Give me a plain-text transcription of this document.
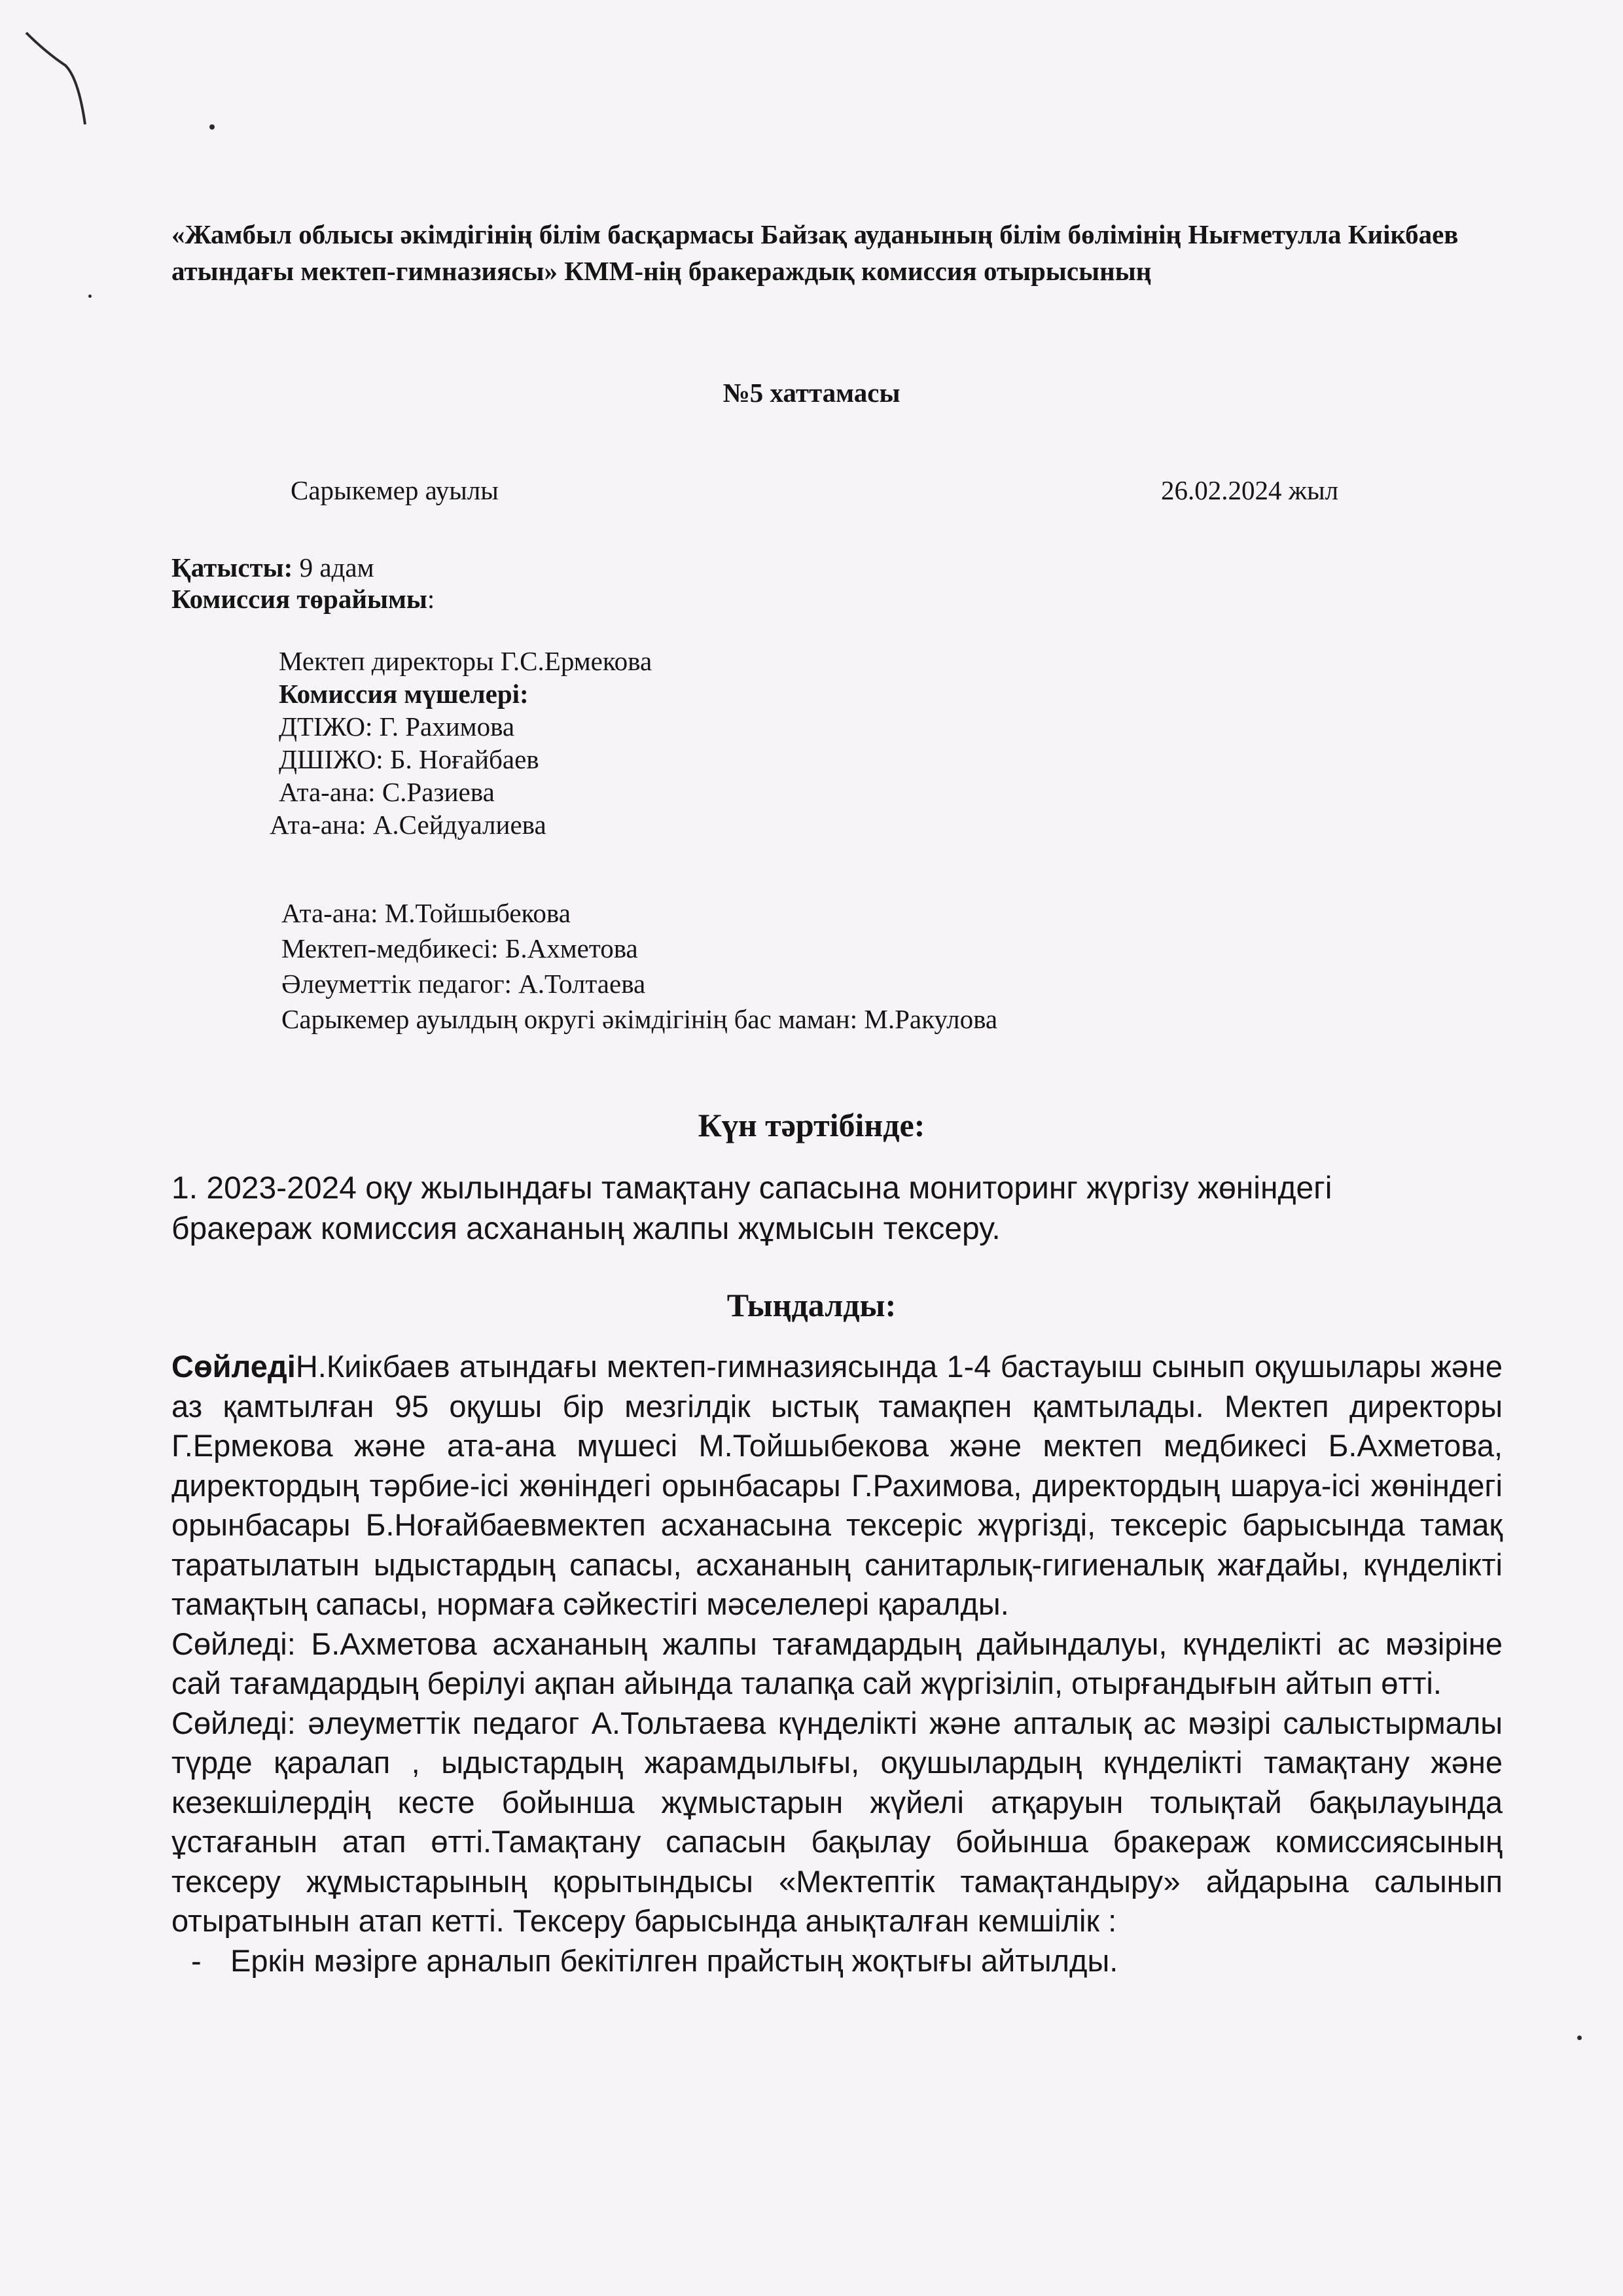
«Жамбыл облысы әкімдігінің білім басқармасы Байзақ ауданының білім бөлімінің Нығметулла Киікбаев атындағы мектеп-гимназиясы» КММ-нің бракераждық комиссия отырысының
№5 хаттамасы
Сарыкемер ауылы	26.02.2024 жыл
Қатысты: 9 адам
Комиссия төрайымы:
Мектеп директоры Г.С.Ермекова
Комиссия мүшелері:
ДТІЖО: Г. Рахимова
ДШІЖО: Б. Ноғайбаев
Ата-ана: С.Разиева
Ата-ана: А.Сейдуалиева
Ата-ана: М.Тойшыбекова
Мектеп-медбикесі: Б.Ахметова
Әлеуметтік педагог: А.Толтаева
Сарыкемер ауылдың округі әкімдігінің бас маман: М.Ракулова
Күн тәртібінде:
1. 2023-2024 оқу жылындағы тамақтану сапасына мониторинг жүргізу жөніндегі бракераж комиссия асхананың жалпы жұмысын тексеру.
Тыңдалды:

СөйледіН.Киікбаев атындағы мектеп-гимназиясында 1-4 бастауыш сынып оқушылары және аз қамтылған 95 оқушы бір мезгілдік ыстық тамақпен қамтылады. Мектеп директоры Г.Ермекова және ата-ана мүшесі М.Тойшыбекова және мектеп медбикесі Б.Ахметова, директордың тәрбие-ісі жөніндегі орынбасары Г.Рахимова, директордың шаруа-ісі жөніндегі орынбасары Б.Ноғайбаевмектеп асханасына тексеріс жүргізді, тексеріс барысында тамақ таратылатын ыдыстардың сапасы, асхананың санитарлық-гигиеналық жағдайы, күнделікті тамақтың сапасы, нормаға сәйкестігі мәселелері қаралды.

Сөйледі: Б.Ахметова асхананың жалпы тағамдардың дайындалуы, күнделікті ас мәзіріне сай тағамдардың берілуі ақпан айында талапқа сай жүргізіліп, отырғандығын айтып өтті.

Сөйледі: әлеуметтік педагог А.Тольтаева күнделікті және апталық ас мәзірі салыстырмалы түрде қаралап , ыдыстардың жарамдылығы, оқушылардың күнделікті тамақтану және кезекшілердің кесте бойынша жұмыстарын жүйелі атқаруын толықтай бақылауында ұстағанын атап өтті.Тамақтану сапасын бақылау бойынша бракераж комиссиясының тексеру жұмыстарының қорытындысы «Мектептік тамақтандыру» айдарына салынып отыратынын атап кетті. Тексеру барысында анықталған кемшілік :

- Еркін мәзірге арналып бекітілген прайстың жоқтығы айтылды.
